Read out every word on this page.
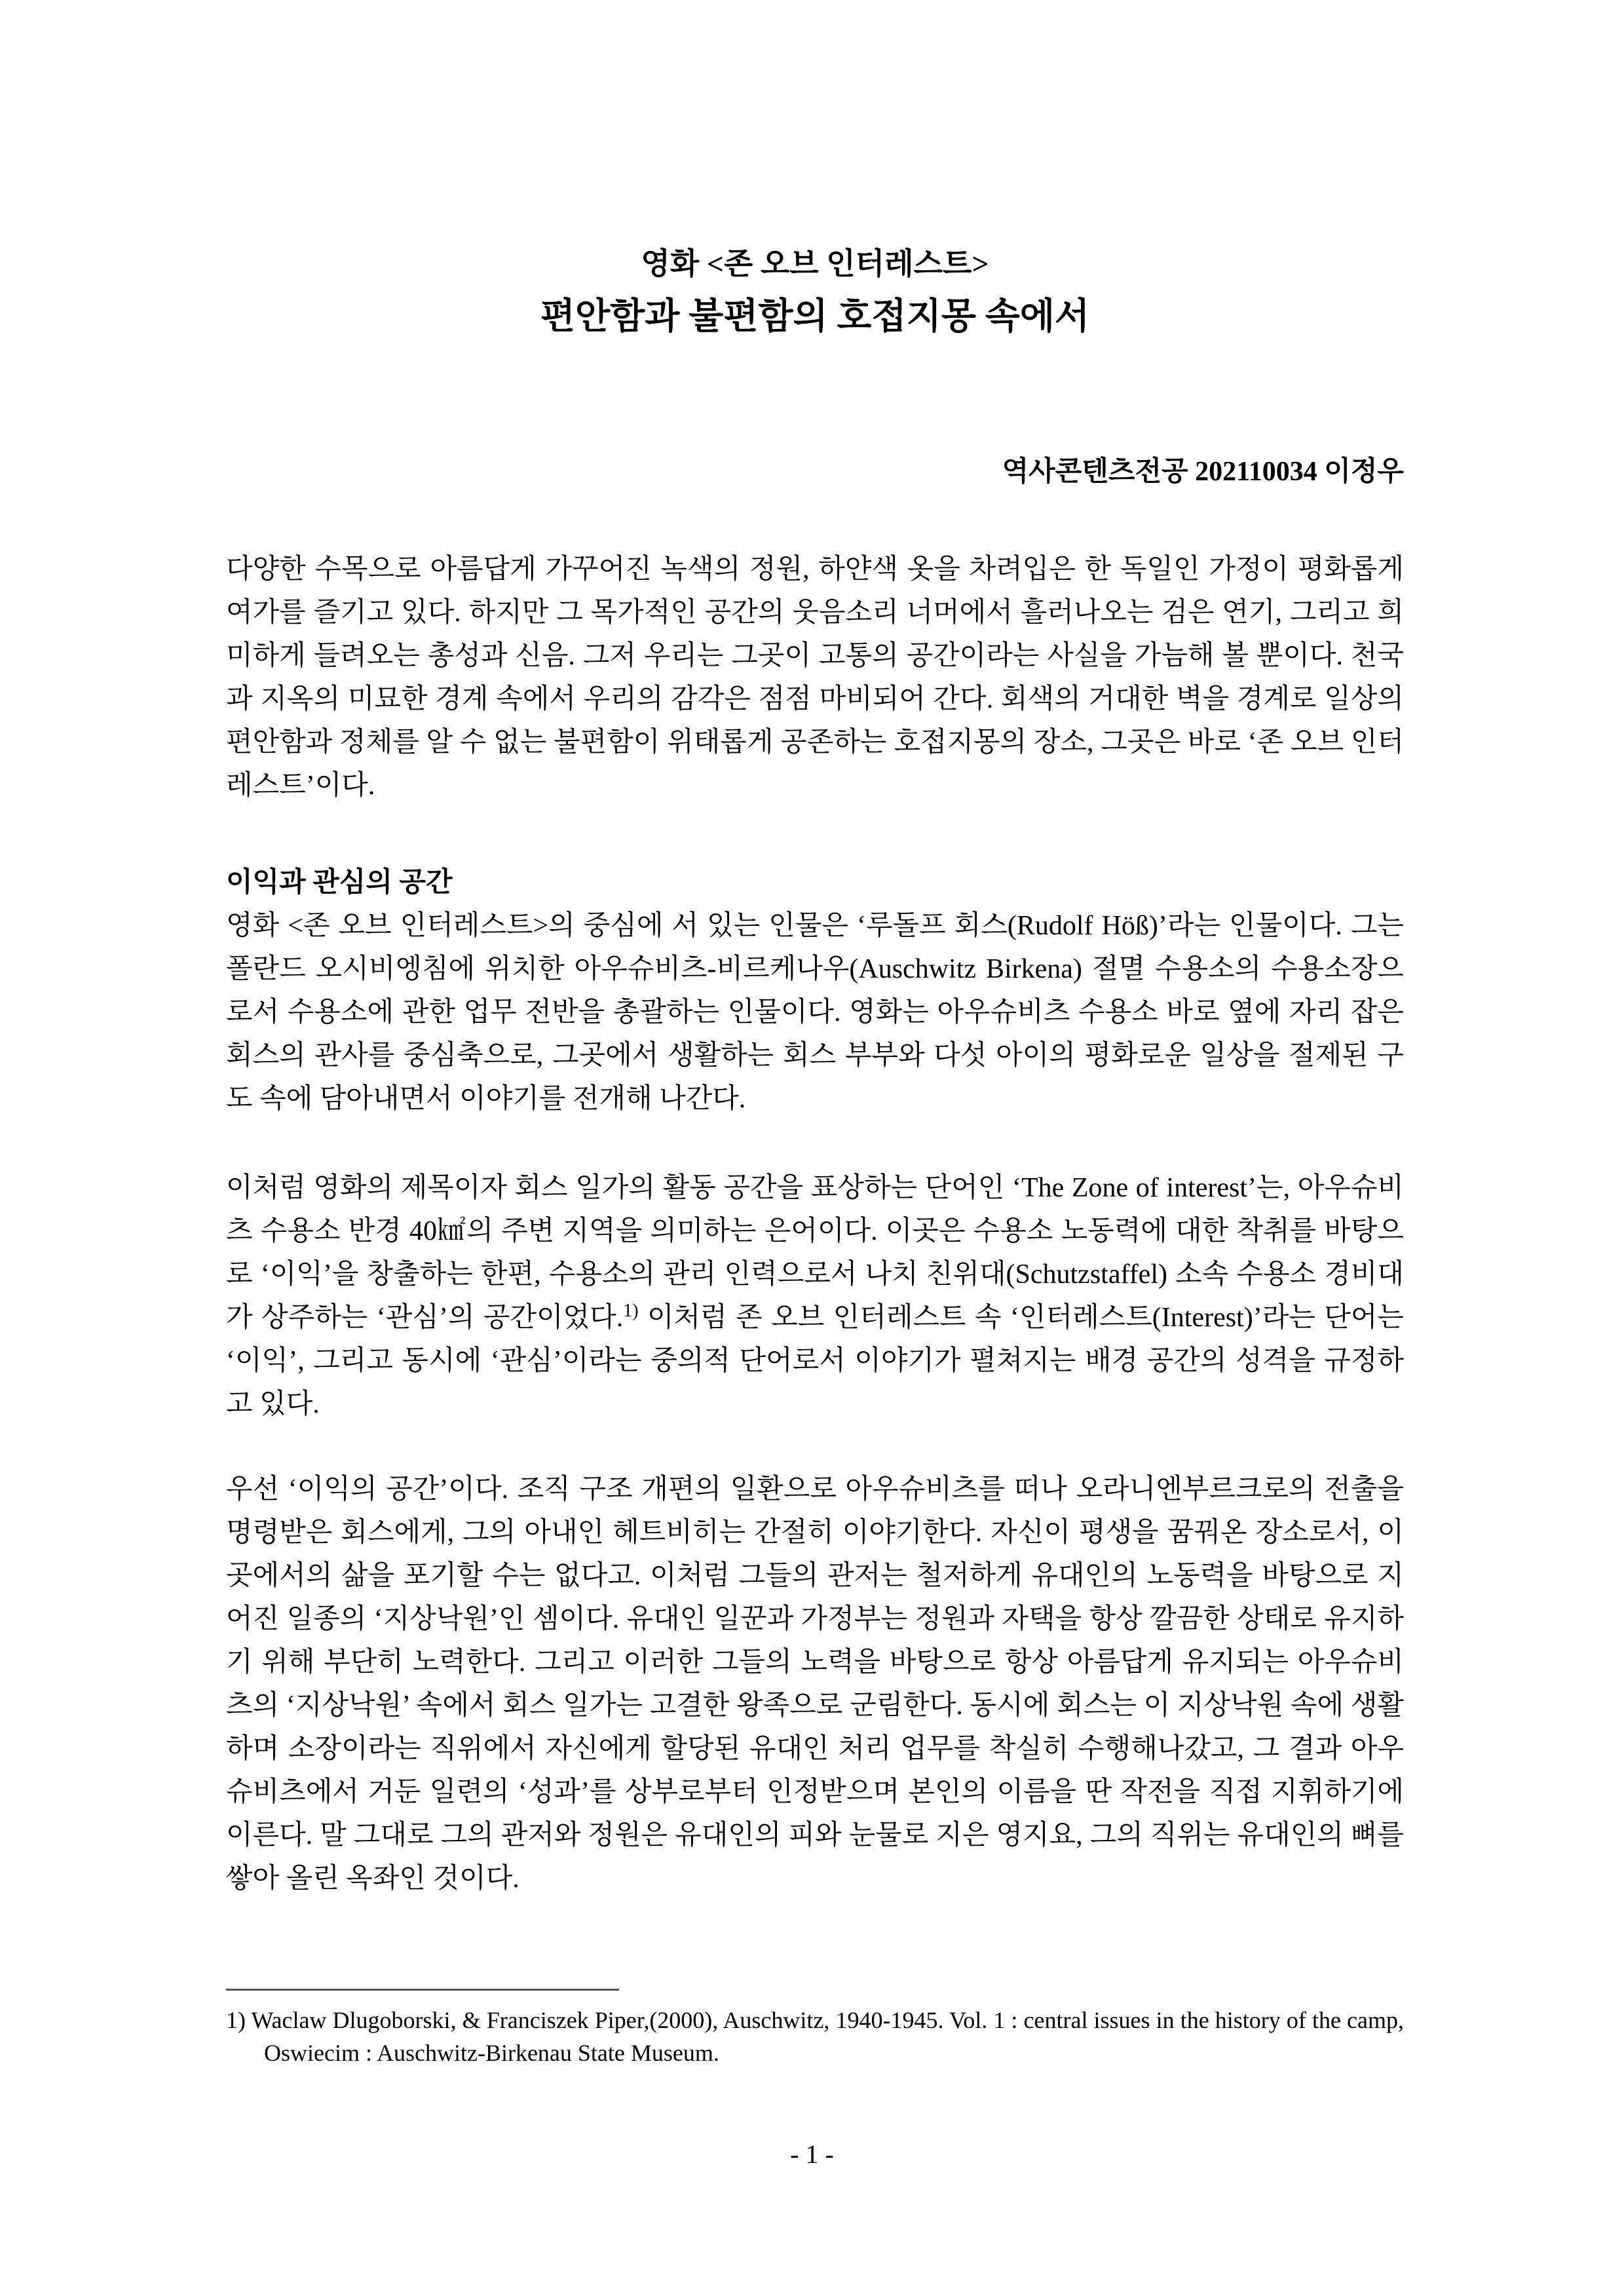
영화 <존 오브 인터레스트>

편안함과 불편함의 호접지몽 속에서

역사콘텐츠전공 202110034 이정우

다양한 수목으로 아름답게 가꾸어진 녹색의 정원, 하얀색 옷을 차려입은 한 독일인 가정이 평화롭게 여가를 즐기고 있다. 하지만 그 목가적인 공간의 웃음소리 너머에서 흘러나오는 검은 연기, 그리고 희미하게 들려오는 총성과 신음. 그저 우리는 그곳이 고통의 공간이라는 사실을 가늠해 볼 뿐이다. 천국과 지옥의 미묘한 경계 속에서 우리의 감각은 점점 마비되어 간다. 회색의 거대한 벽을 경계로 일상의 편안함과 정체를 알 수 없는 불편함이 위태롭게 공존하는 호접지몽의 장소, 그곳은 바로 ‘존 오브 인터레스트’이다.

이익과 관심의 공간

영화 <존 오브 인터레스트>의 중심에 서 있는 인물은 ‘루돌프 회스(Rudolf Höß)’라는 인물이다. 그는 폴란드 오시비엥침에 위치한 아우슈비츠-비르케나우(Auschwitz Birkena) 절멸 수용소의 수용소장으로서 수용소에 관한 업무 전반을 총괄하는 인물이다. 영화는 아우슈비츠 수용소 바로 옆에 자리 잡은 회스의 관사를 중심축으로, 그곳에서 생활하는 회스 부부와 다섯 아이의 평화로운 일상을 절제된 구도 속에 담아내면서 이야기를 전개해 나간다.

이처럼 영화의 제목이자 회스 일가의 활동 공간을 표상하는 단어인 ‘The Zone of interest’는, 아우슈비츠 수용소 반경 40㎢의 주변 지역을 의미하는 은어이다. 이곳은 수용소 노동력에 대한 착취를 바탕으로 ‘이익’을 창출하는 한편, 수용소의 관리 인력으로서 나치 친위대(Schutzstaffel) 소속 수용소 경비대가 상주하는 ‘관심’의 공간이었다.$^{1)}$ 이처럼 존 오브 인터레스트 속 ‘인터레스트(Interest)’라는 단어는 ‘이익’, 그리고 동시에 ‘관심’이라는 중의적 단어로서 이야기가 펼쳐지는 배경 공간의 성격을 규정하고 있다.

우선 ‘이익의 공간’이다. 조직 구조 개편의 일환으로 아우슈비츠를 떠나 오라니엔부르크로의 전출을 명령받은 회스에게, 그의 아내인 헤트비히는 간절히 이야기한다. 자신이 평생을 꿈꿔온 장소로서, 이곳에서의 삶을 포기할 수는 없다고. 이처럼 그들의 관저는 철저하게 유대인의 노동력을 바탕으로 지어진 일종의 ‘지상낙원’인 셈이다. 유대인 일꾼과 가정부는 정원과 자택을 항상 깔끔한 상태로 유지하기 위해 부단히 노력한다. 그리고 이러한 그들의 노력을 바탕으로 항상 아름답게 유지되는 아우슈비츠의 ‘지상낙원’ 속에서 회스 일가는 고결한 왕족으로 군림한다. 동시에 회스는 이 지상낙원 속에 생활하며 소장이라는 직위에서 자신에게 할당된 유대인 처리 업무를 착실히 수행해나갔고, 그 결과 아우슈비츠에서 거둔 일련의 ‘성과’를 상부로부터 인정받으며 본인의 이름을 딴 작전을 직접 지휘하기에 이른다. 말 그대로 그의 관저와 정원은 유대인의 피와 눈물로 지은 영지요, 그의 직위는 유대인의 뼈를 쌓아 올린 옥좌인 것이다.

1) Waclaw Dlugoborski, & Franciszek Piper,(2000), Auschwitz, 1940-1945. Vol. 1 : central issues in the history of the camp, Oswiecim : Auschwitz-Birkenau State Museum.

- 1 -
